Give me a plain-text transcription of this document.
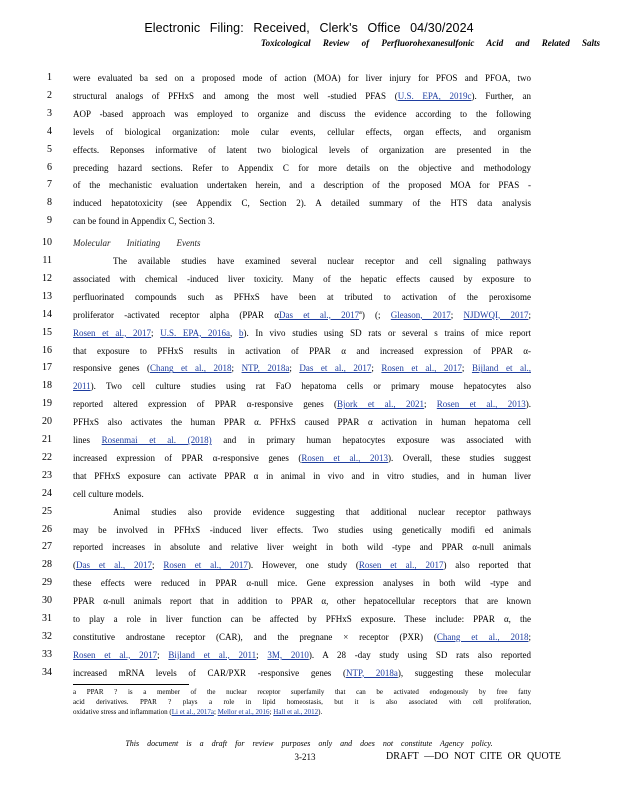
Electronic Filing: Received, Clerk's Office 04/30/2024
Toxicological Review of Perfluorohexanesulfonic Acid and Related Salts
1 were evaluated ba sed on a proposed mode of action (MOA) for liver injury for PFOS and PFOA, two
2 structural analogs of PFHxS and among the most well -studied PFAS (U.S. EPA, 2019c). Further, an
3 AOP -based approach was employed to organize and discuss the evidence according to the following
4 levels of biological organization: mole cular events, cellular effects, organ effects, and organism
5 effects. Reponses informative of latent two biological levels of organization are presented in the
6 preceding hazard sections. Refer to Appendix C for more details on the objective and methodology
7 of the mechanistic evaluation undertaken herein, and a description of the proposed MOA for PFAS -
8 induced hepatotoxicity (see Appendix C, Section 2). A detailed summary of the HTS data analysis
9 can be found in Appendix C, Section 3.
10 Molecular Initiating Events
11	The available studies have examined several nuclear receptor and cell signaling pathways
12 associated with chemical -induced liver toxicity. Many of the hepatic effects caused by exposure to
13 perfluorinated compounds such as PFHxS have been at tributed to activation of the peroxisome
14 proliferator -activated receptor alpha (PPAR αDas et al., 2017$^a$) (; Gleason, 2017; NJDWQI, 2017;
15 Rosen et al., 2017; U.S. EPA, 2016a, b). In vivo studies using SD rats or several s trains of mice report
16 that exposure to PFHxS results in activation of PPAR α and increased expression of PPAR α-
17 responsive genes (Chang et al., 2018; NTP, 2018a; Das et al., 2017; Rosen et al., 2017; Bijland et al.,
18 2011). Two cell culture studies using rat FaO hepatoma cells or primary mouse hepatocytes also
19 reported altered expression of PPAR α-responsive genes (Bjork et al., 2021; Rosen et al., 2013).
20 PFHxS also activates the human PPAR α. PFHxS caused PPAR α activation in human hepatoma cell
21 lines Rosenmai et al. (2018) and in primary human hepatocytes exposure was associated with
22 increased expression of PPAR α-responsive genes (Rosen et al., 2013). Overall, these studies suggest
23 that PFHxS exposure can activate PPAR α in animal in vivo and in vitro studies, and in human liver
24 cell culture models.
25	Animal studies also provide evidence suggesting that additional nuclear receptor pathways
26 may be involved in PFHxS -induced liver effects. Two studies using genetically modifi ed animals
27 reported increases in absolute and relative liver weight in both wild -type and PPAR α-null animals
28 (Das et al., 2017; Rosen et al., 2017). However, one study (Rosen et al., 2017) also reported that
29 these effects were reduced in PPAR α-null mice. Gene expression analyses in both wild -type and
30 PPAR α-null animals report that in addition to PPAR α, other hepatocellular receptors that are known
31 to play a role in liver function can be affected by PFHxS exposure. These include: PPAR α, the
32 constitutive androstane receptor (CAR), and the pregnane × receptor (PXR) (Chang et al., 2018;
33 Rosen et al., 2017; Bijland et al., 2011; 3M, 2010). A 28 -day study using SD rats also reported
34 increased mRNA levels of CAR/PXR -responsive genes (NTP, 2018a), suggesting these molecular
a PPAR ? is a member of the nuclear receptor superfamily that can be activated endogenously by free fatty
acid derivatives. PPAR ? plays a role in lipid homeostasis, but it is also associated with cell proliferation,
oxidative stress and inflammation (Li et al., 2017a; Mellor et al., 2016; Hall et al., 2012).
This document is a draft for review purposes only and does not constitute Agency policy.
3-213	DRAFT —DO NOT CITE OR QUOTE
